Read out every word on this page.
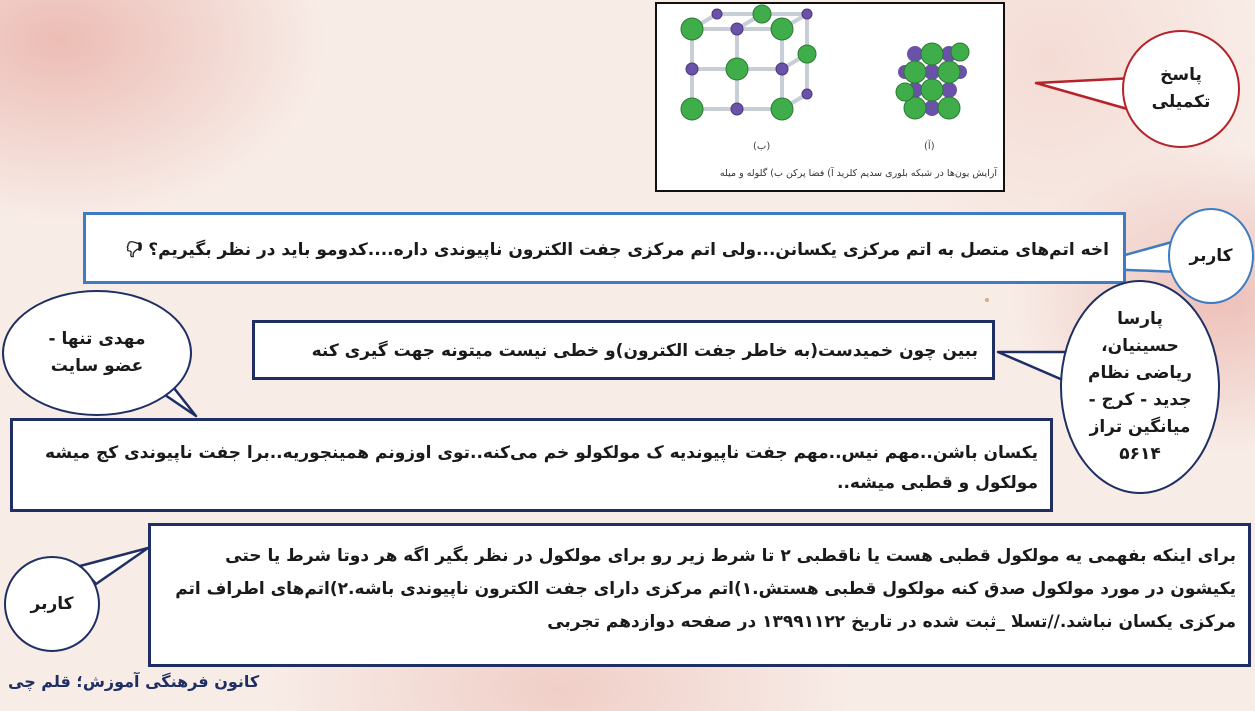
(ب)	(آ)
آرایش یون‌ها در شبکه بلوری سدیم کلرید آ) فضا پرکن ب) گلوله و میله
پاسخ تکمیلی
اخه اتم‌های متصل به اتم مرکزی یکسانن...ولی اتم مرکزی جفت الکترون ناپیوندی داره....کدومو باید در نظر بگیریم؟ 🖓	کاربر
ببین چون خمیدست(به خاطر جفت الکترون)و خطی نیست میتونه جهت گیری کنه
پارسا حسینیان، ریاضی نظام جدید - کرج - میانگین تراز ۵۶۱۴
مهدی تنها - عضو سایت
یکسان باشن..مهم نیس..مهم جفت ناپیوندیه ک مولکولو خم می‌کنه..توی اوزونم همینجوریه..برا جفت ناپیوندی کج میشه مولکول و قطبی میشه..
برای اینکه بفهمی یه مولکول قطبی هست یا ناقطبی ۲ تا شرط زیر رو برای مولکول در نظر بگیر اگه هر دوتا شرط یا حتی یکیشون در مورد مولکول صدق کنه مولکول قطبی هستش.۱)اتم مرکزی دارای جفت الکترون ناپیوندی باشه.۲)اتم‌های اطراف اتم مرکزی یکسان نباشد.//تسلا _ثبت شده در تاریخ ۱۳۹۹۱۱۲۲ در صفحه دوازدهم تجربی
کاربر
کانون فرهنگی آموزش؛ قلم چی
